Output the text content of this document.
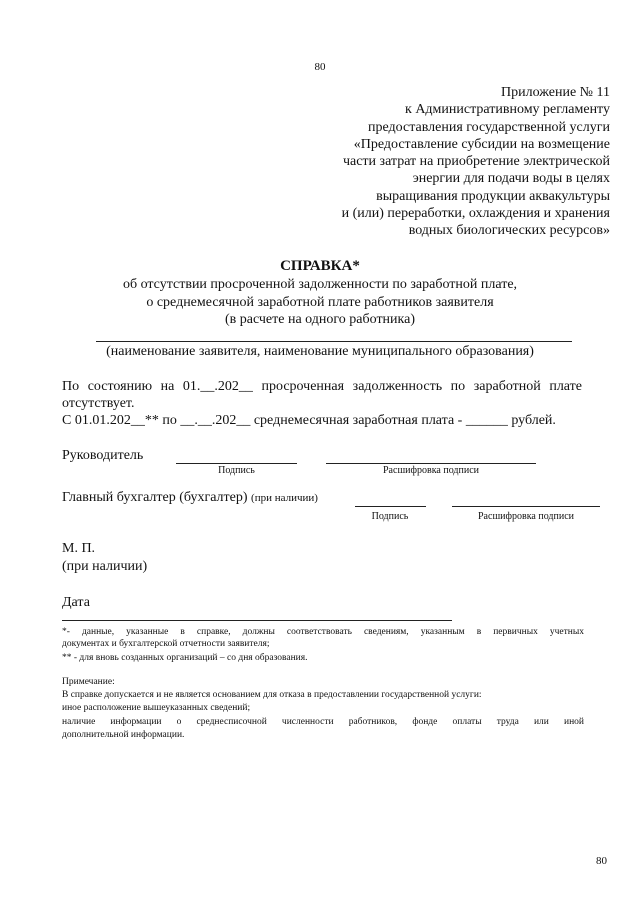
80
Приложение № 11
к Административному регламенту
предоставления государственной услуги
«Предоставление субсидии на возмещение
части затрат на приобретение электрической
энергии для подачи воды в целях
выращивания продукции аквакультуры
и (или) переработки, охлаждения и хранения
водных биологических ресурсов»
СПРАВКА*
об отсутствии просроченной задолженности по заработной плате,
о среднемесячной заработной плате работников заявителя
(в расчете на одного работника)
(наименование заявителя, наименование муниципального образования)
По состоянию на 01.__.202__ просроченная задолженность по заработной плате
отсутствует.
С 01.01.202__** по __.__.202__ среднемесячная заработная плата - ______ рублей.
Руководитель
Подпись	Расшифровка подписи
Главный бухгалтер (бухгалтер) (при наличии)
Подпись	Расшифровка подписи
М. П.
(при наличии)
Дата
*- данные, указанные в справке, должны соответствовать сведениям, указанным в первичных учетных
документах и бухгалтерской отчетности заявителя;
** - для вновь созданных организаций – со дня образования.
Примечание:
В справке допускается и не является основанием для отказа в предоставлении государственной услуги:
иное расположение вышеуказанных сведений;
наличие информации о среднесписочной численности работников, фонде оплаты труда или иной
дополнительной информации.
80
